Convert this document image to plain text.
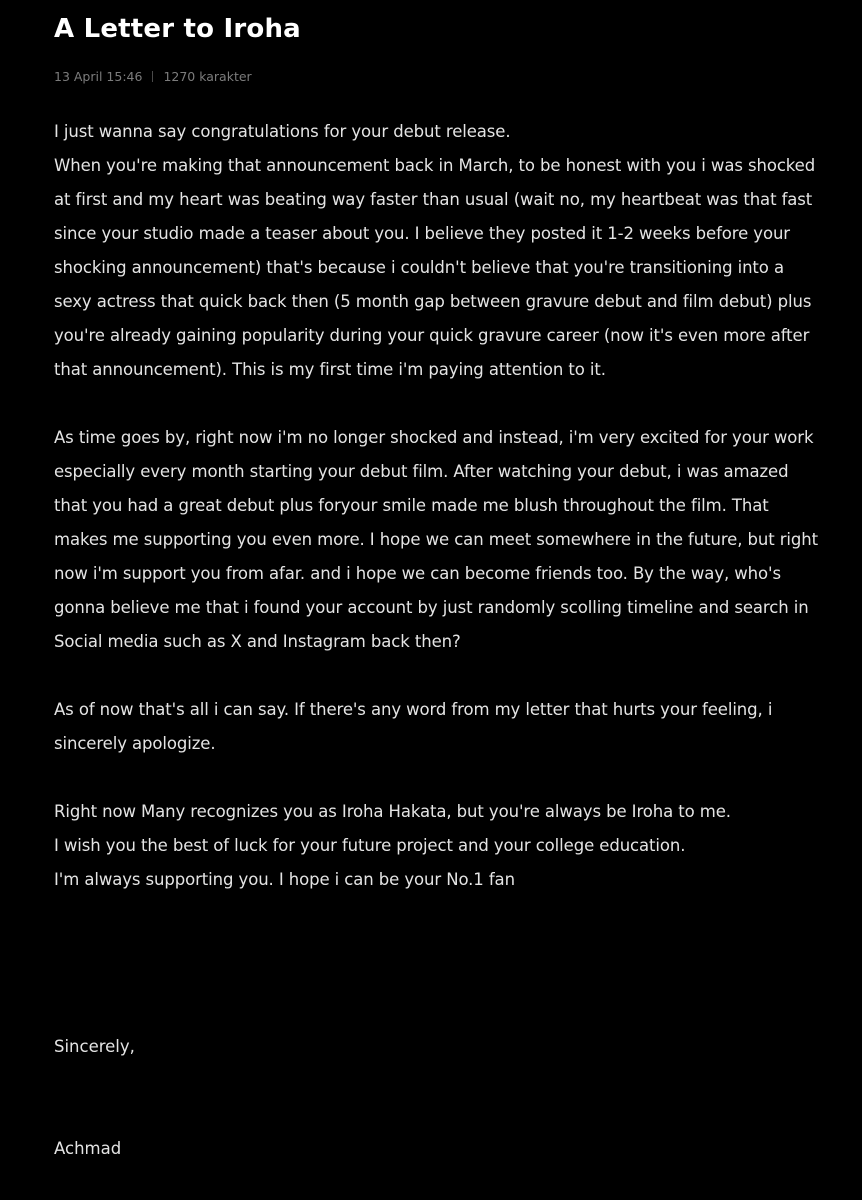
A Letter to Iroha
13 April 15:46 1270 karakter

I just wanna say congratulations for your debut release.
When you're making that announcement back in March, to be honest with you i was shocked at first and my heart was beating way faster than usual (wait no, my heartbeat was that fast since your studio made a teaser about you. I believe they posted it 1-2 weeks before your shocking announcement) that's because i couldn't believe that you're transitioning into a sexy actress that quick back then (5 month gap between gravure debut and film debut) plus you're already gaining popularity during your quick gravure career (now it's even more after that announcement). This is my first time i'm paying attention to it.

As time goes by, right now i'm no longer shocked and instead, i'm very excited for your work especially every month starting your debut film. After watching your debut, i was amazed that you had a great debut plus foryour smile made me blush throughout the film. That makes me supporting you even more. I hope we can meet somewhere in the future, but right now i'm support you from afar. and i hope we can become friends too. By the way, who's gonna believe me that i found your account by just randomly scolling timeline and search in Social media such as X and Instagram back then?

As of now that's all i can say. If there's any word from my letter that hurts your feeling, i sincerely apologize.

Right now Many recognizes you as Iroha Hakata, but you're always be Iroha to me.
I wish you the best of luck for your future project and your college education.
I'm always supporting you. I hope i can be your No.1 fan

Sincerely,
Achmad
